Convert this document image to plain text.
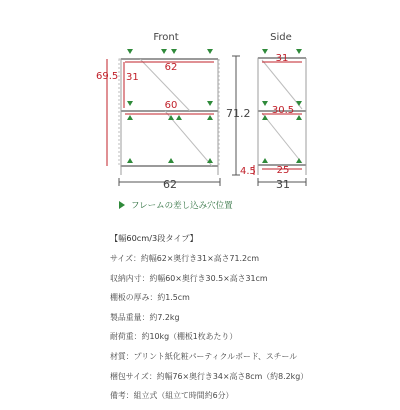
Front	Side
62
60
31
69.5
62
31
30.5
25
4.5
71.2
31
フレームの差し込み穴位置
【幅60cm/3段タイプ】
サイズ：約幅62×奥行き31×高さ71.2cm
収納内寸：約幅60×奥行き30.5×高さ31cm
棚板の厚み：約1.5cm
製品重量：約7.2kg
耐荷重：約10kg（棚板1枚あたり）
材質：プリント紙化粧パーティクルボード、スチール
梱包サイズ：約幅76×奥行き34×高さ8cm（約8.2kg）
備考：組立式（組立て時間約6分）
